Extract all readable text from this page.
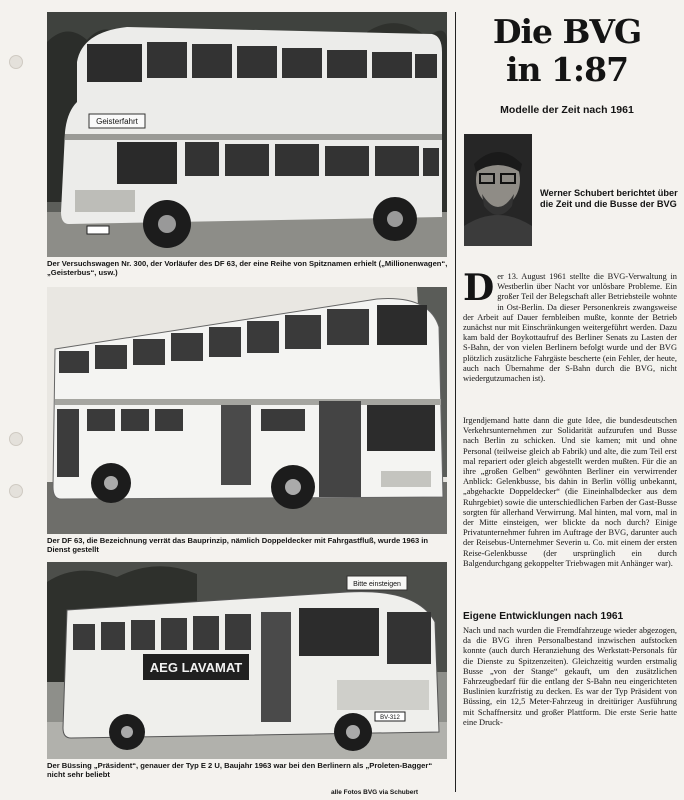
Geisterfahrt

Der Versuchswagen Nr. 300, der Vorläufer des DF 63, der eine Reihe von Spitznamen erhielt („Millionenwagen“, „Geisterbus“, usw.)

Der DF 63, die Bezeichnung verrät das Bauprinzip, nämlich Doppeldecker mit Fahrgastfluß, wurde 1963 in Dienst gestellt

Bitte einsteigen
AEG LAVAMAT
BV-312

Der Büssing „Präsident“, genauer der Typ E 2 U, Baujahr 1963 war bei den Berlinern als „Proleten-Bagger“ nicht sehr beliebt

alle Fotos BVG via Schubert
Die BVG
in 1:87

Modelle der Zeit nach 1961

Werner Schubert berichtet über die Zeit und die Busse der BVG

Der 13. August 1961 stellte die BVG-Verwaltung in Westberlin über Nacht vor unlösbare Probleme. Ein großer Teil der Belegschaft aller Betriebsteile wohnte in Ost-Berlin. Da dieser Personenkreis zwangsweise der Arbeit auf Dauer fernbleiben mußte, konnte der Betrieb zunächst nur mit Einschränkungen weitergeführt werden. Dazu kam bald der Boykottaufruf des Berliner Senats zu Lasten der S-Bahn, der von vielen Berlinern befolgt wurde und der BVG plötzlich zusätzliche Fahrgäste bescherte (ein Fehler, der heute, auch nach Übernahme der S-Bahn durch die BVG, nicht wiedergutzumachen ist).

Irgendjemand hatte dann die gute Idee, die bundesdeutschen Verkehrsunternehmen zur Solidarität aufzurufen und Busse nach Berlin zu schicken. Und sie kamen; mit und ohne Personal (teilweise gleich ab Fabrik) und alte, die zum Teil erst mal repariert oder gleich abgestellt werden mußten. Für die an ihre „großen Gelben“ gewöhnten Berliner ein verwirrender Anblick: Gelenkbusse, bis dahin in Berlin völlig unbekannt, „abgehackte Doppeldecker“ (die Eineinhalbdecker aus dem Ruhrgebiet) sowie die unterschiedlichen Farben der Gast-Busse sorgten für allerhand Verwirrung. Mal hinten, mal vorn, mal in der Mitte einsteigen, wer blickte da noch durch? Einige Privatunternehmer fuhren im Auftrage der BVG, darunter auch der Reisebus-Unternehmer Severin u. Co. mit einem der ersten Reise-Gelenkbusse (der ursprünglich ein durch Balgendurchgang gekoppelter Triebwagen mit Anhänger war).

Eigene Entwicklungen nach 1961

Nach und nach wurden die Fremdfahrzeuge wieder abgezogen, da die BVG ihren Personalbestand inzwischen aufstocken konnte (auch durch Heranziehung des Werkstatt-Personals für die Dienste zu Spitzenzeiten). Gleichzeitig wurden erstmalig Busse „von der Stange“ gekauft, um den zusätzlichen Fahrzeugbedarf für die entlang der S-Bahn neu eingerichteten Buslinien kurzfristig zu decken. Es war der Typ Präsident von Büssing, ein 12,5 Meter-Fahrzeug in dreitüriger Ausführung mit Schaffnersitz und großer Plattform. Die erste Serie hatte eine Druck-
